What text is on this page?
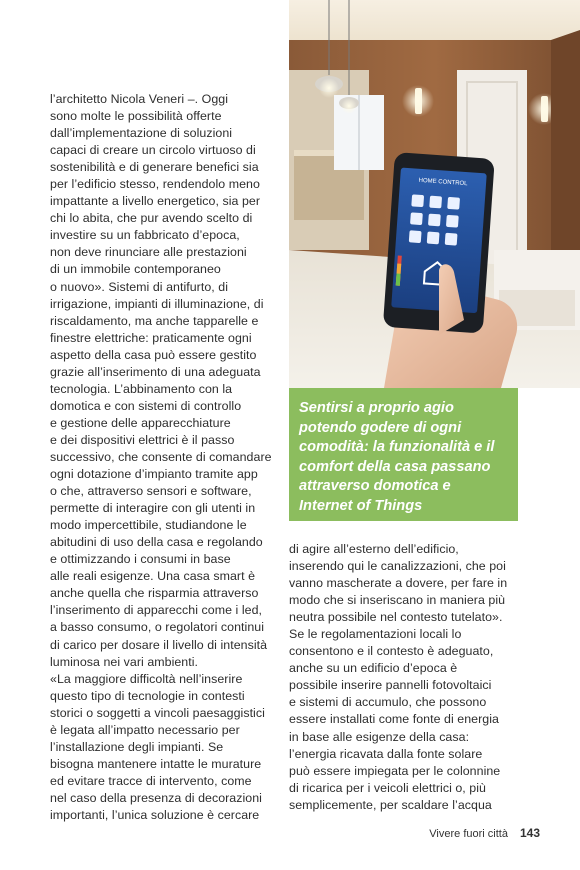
l’architetto Nicola Veneri –. Oggi
sono molte le possibilità offerte
dall’implementazione di soluzioni
capaci di creare un circolo virtuoso di
sostenibilità e di generare benefici sia
per l’edificio stesso, rendendolo meno
impattante a livello energetico, sia per
chi lo abita, che pur avendo scelto di
investire su un fabbricato d’epoca,
non deve rinunciare alle prestazioni
di un immobile contemporaneo
o nuovo». Sistemi di antifurto, di
irrigazione, impianti di illuminazione, di
riscaldamento, ma anche tapparelle e
finestre elettriche: praticamente ogni
aspetto della casa può essere gestito
grazie all’inserimento di una adeguata
tecnologia. L’abbinamento con la
domotica e con sistemi di controllo
e gestione delle apparecchiature
e dei dispositivi elettrici è il passo
successivo, che consente di comandare
ogni dotazione d’impianto tramite app
o che, attraverso sensori e software,
permette di interagire con gli utenti in
modo impercettibile, studiandone le
abitudini di uso della casa e regolando
e ottimizzando i consumi in base
alle reali esigenze. Una casa smart è
anche quella che risparmia attraverso
l’inserimento di apparecchi come i led,
a basso consumo, o regolatori continui
di carico per dosare il livello di intensità
luminosa nei vari ambienti.
«La maggiore difficoltà nell’inserire
questo tipo di tecnologie in contesti
storici o soggetti a vincoli paesaggistici
è legata all’impatto necessario per
l’installazione degli impianti. Se
bisogna mantenere intatte le murature
ed evitare tracce di intervento, come
nel caso della presenza di decorazioni
importanti, l’unica soluzione è cercare
HOME CONTROL
Sentirsi a proprio agio
potendo godere di ogni
comodità: la funzionalità e il
comfort della casa passano
attraverso domotica e
Internet of Things
di agire all’esterno dell’edificio,
inserendo qui le canalizzazioni, che poi
vanno mascherate a dovere, per fare in
modo che si inseriscano in maniera più
neutra possibile nel contesto tutelato».
Se le regolamentazioni locali lo
consentono e il contesto è adeguato,
anche su un edificio d’epoca è
possibile inserire pannelli fotovoltaici
e sistemi di accumulo, che possono
essere installati come fonte di energia
in base alle esigenze della casa:
l’energia ricavata dalla fonte solare
può essere impiegata per le colonnine
di ricarica per i veicoli elettrici o, più
semplicemente, per scaldare l’acqua
Vivere fuori città 143
